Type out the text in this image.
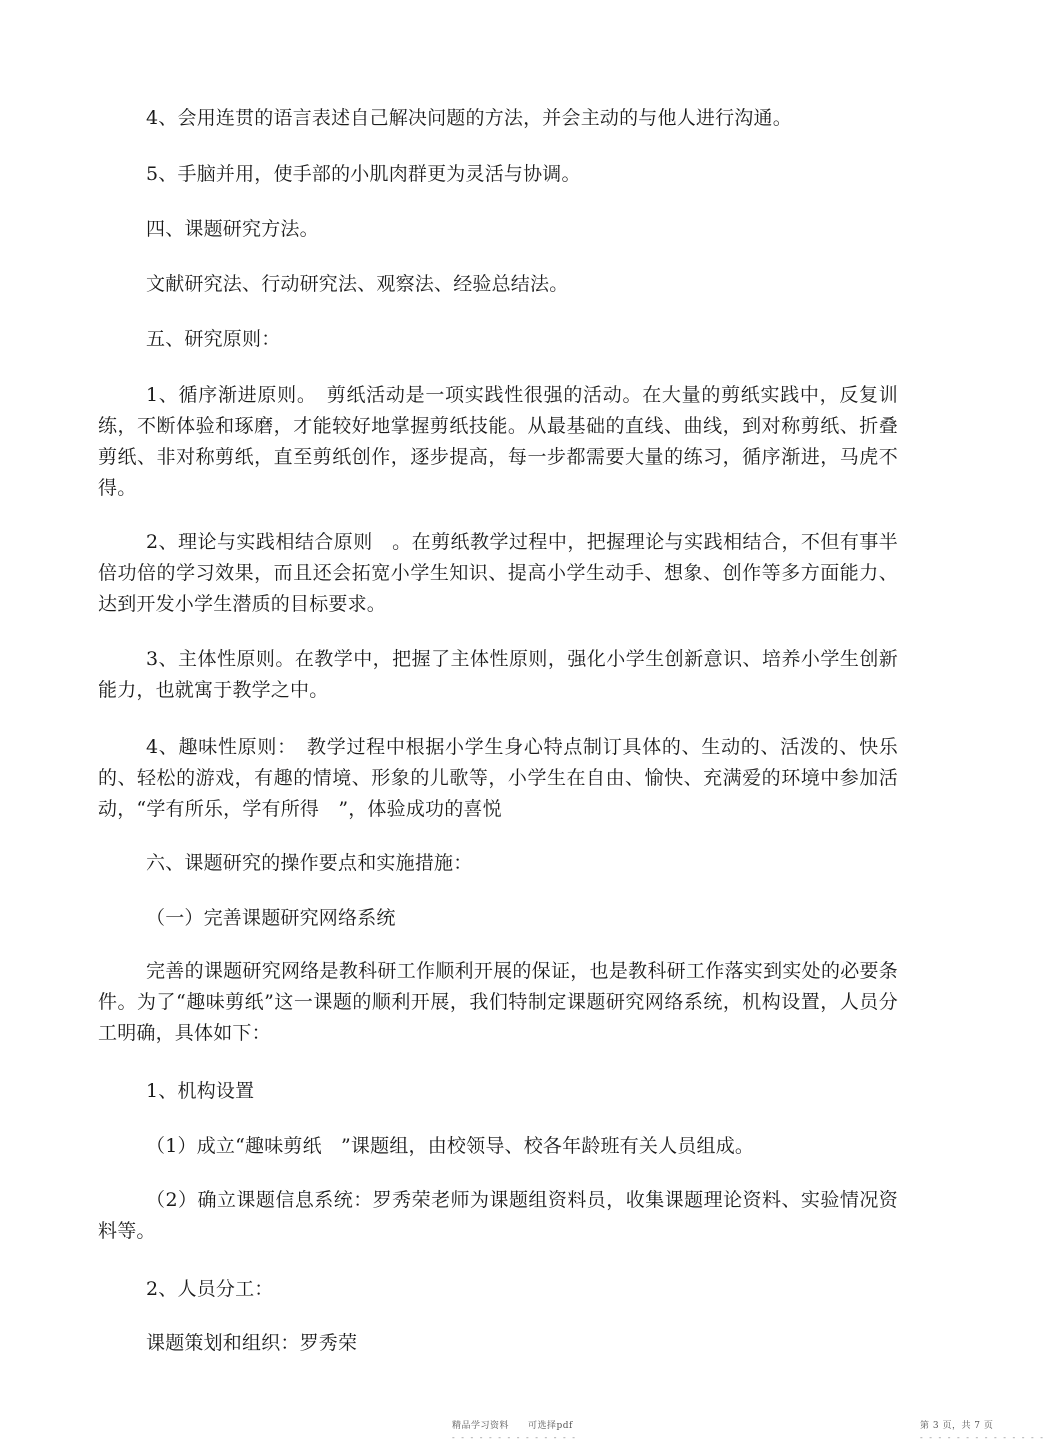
4、会用连贯的语言表述自己解决问题的方法，并会主动的与他人进行沟通。
5、手脑并用，使手部的小肌肉群更为灵活与协调。
四、课题研究方法。
文献研究法、行动研究法、观察法、经验总结法。
五、研究原则：
1、循序渐进原则。　剪纸活动是一项实践性很强的活动。在大量的剪纸实践中，反复训练，不断体验和琢磨，才能较好地掌握剪纸技能。从最基础的直线、曲线，到对称剪纸、折叠剪纸、非对称剪纸，直至剪纸创作，逐步提高，每一步都需要大量的练习，循序渐进，马虎不得。
2、理论与实践相结合原则　。在剪纸教学过程中，把握理论与实践相结合，不但有事半倍功倍的学习效果，而且还会拓宽小学生知识、提高小学生动手、想象、创作等多方面能力、达到开发小学生潜质的目标要求。
3、主体性原则。在教学中，把握了主体性原则，强化小学生创新意识、培养小学生创新能力，也就寓于教学之中。
4、趣味性原则：　教学过程中根据小学生身心特点制订具体的、生动的、活泼的、快乐的、轻松的游戏，有趣的情境、形象的儿歌等，小学生在自由、愉快、充满爱的环境中参加活动，“学有所乐，学有所得　”，体验成功的喜悦
六、课题研究的操作要点和实施措施：
（一）完善课题研究网络系统
完善的课题研究网络是教科研工作顺利开展的保证，也是教科研工作落实到实处的必要条件。为了“趣味剪纸”这一课题的顺利开展，我们特制定课题研究网络系统，机构设置，人员分工明确，具体如下：
1、机构设置
（1）成立“趣味剪纸　”课题组，由校领导、校各年龄班有关人员组成。
（2）确立课题信息系统：罗秀荣老师为课题组资料员，收集课题理论资料、实验情况资料等。
2、人员分工：
课题策划和组织：罗秀荣
精品学习资料　　可选择pdf
- - - - - - - - - - - - - -
第 3 页，共 7 页
- - - - - - - - - - - - - -
